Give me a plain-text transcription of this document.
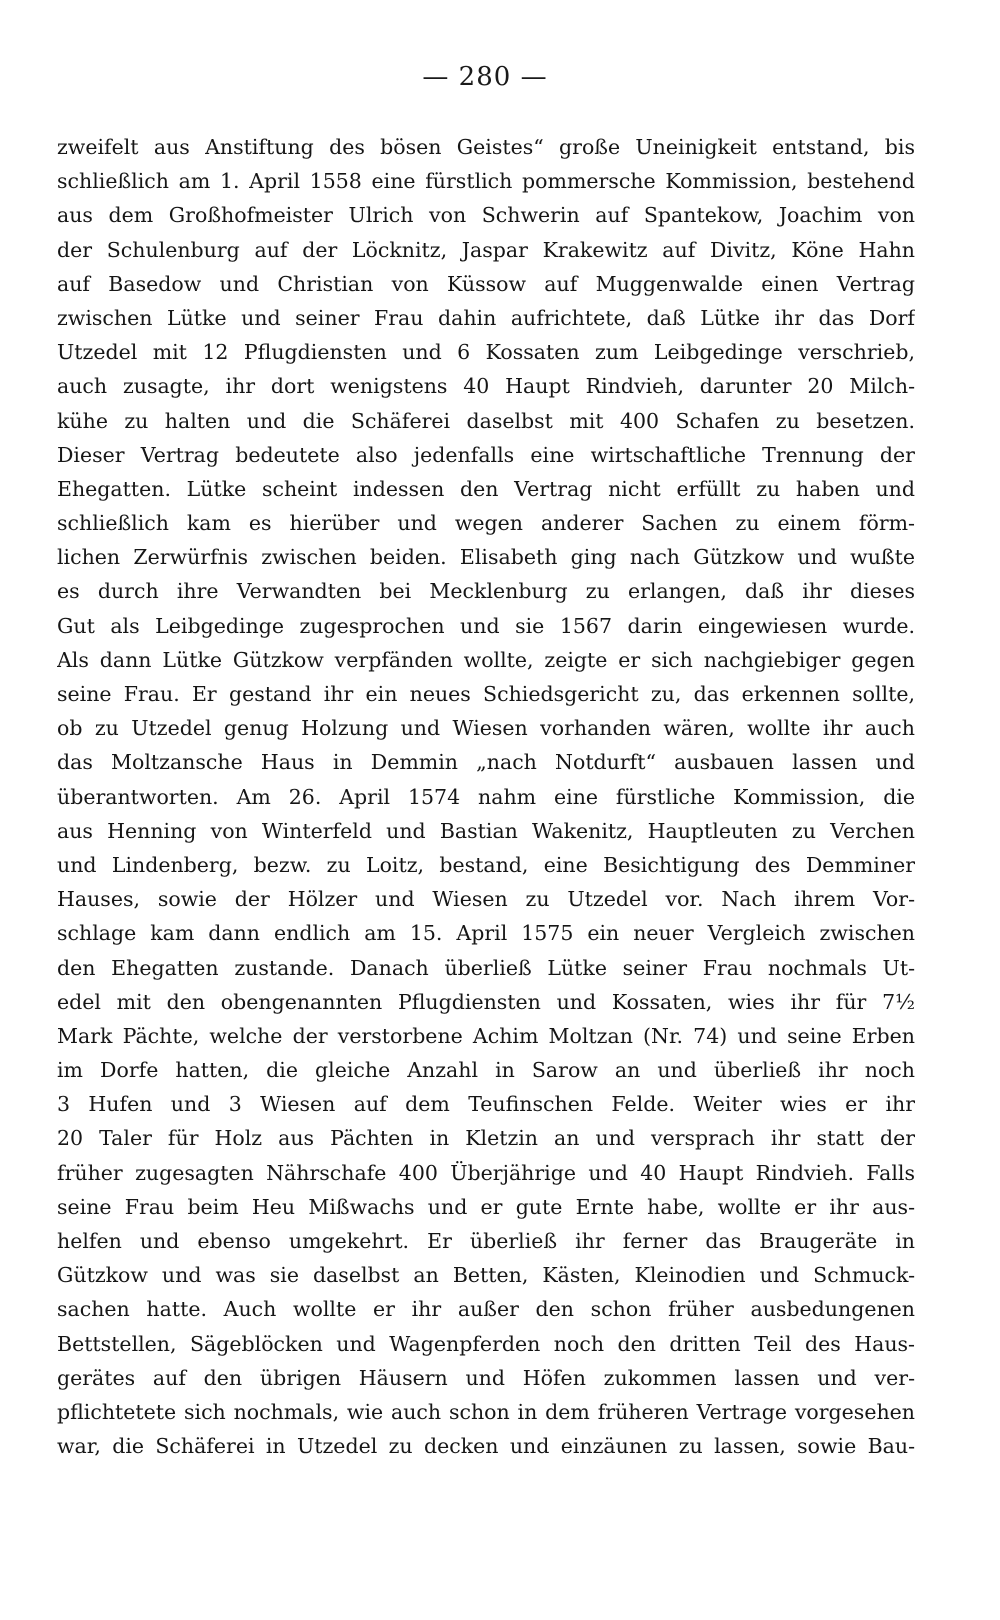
— 280 —
zweifelt aus Anstiftung des bösen Geistes“ große Uneinigkeit entstand, bis
schließlich am 1. April 1558 eine fürstlich pommersche Kommission, bestehend
aus dem Großhofmeister Ulrich von Schwerin auf Spantekow, Joachim von
der Schulenburg auf der Löcknitz, Jaspar Krakewitz auf Divitz, Köne Hahn
auf Basedow und Christian von Küssow auf Muggenwalde einen Vertrag
zwischen Lütke und seiner Frau dahin aufrichtete, daß Lütke ihr das Dorf
Utzedel mit 12 Pflugdiensten und 6 Kossaten zum Leibgedinge verschrieb,
auch zusagte, ihr dort wenigstens 40 Haupt Rindvieh, darunter 20 Milch-
kühe zu halten und die Schäferei daselbst mit 400 Schafen zu besetzen.
Dieser Vertrag bedeutete also jedenfalls eine wirtschaftliche Trennung der
Ehegatten. Lütke scheint indessen den Vertrag nicht erfüllt zu haben und
schließlich kam es hierüber und wegen anderer Sachen zu einem förm-
lichen Zerwürfnis zwischen beiden. Elisabeth ging nach Gützkow und wußte
es durch ihre Verwandten bei Mecklenburg zu erlangen, daß ihr dieses
Gut als Leibgedinge zugesprochen und sie 1567 darin eingewiesen wurde.
Als dann Lütke Gützkow verpfänden wollte, zeigte er sich nachgiebiger gegen
seine Frau. Er gestand ihr ein neues Schiedsgericht zu, das erkennen sollte,
ob zu Utzedel genug Holzung und Wiesen vorhanden wären, wollte ihr auch
das Moltzansche Haus in Demmin „nach Notdurft“ ausbauen lassen und
überantworten. Am 26. April 1574 nahm eine fürstliche Kommission, die
aus Henning von Winterfeld und Bastian Wakenitz, Hauptleuten zu Verchen
und Lindenberg, bezw. zu Loitz, bestand, eine Besichtigung des Demminer
Hauses, sowie der Hölzer und Wiesen zu Utzedel vor. Nach ihrem Vor-
schlage kam dann endlich am 15. April 1575 ein neuer Vergleich zwischen
den Ehegatten zustande. Danach überließ Lütke seiner Frau nochmals Ut-
edel mit den obengenannten Pflugdiensten und Kossaten, wies ihr für 7½
Mark Pächte, welche der verstorbene Achim Moltzan (Nr. 74) und seine Erben
im Dorfe hatten, die gleiche Anzahl in Sarow an und überließ ihr noch
3 Hufen und 3 Wiesen auf dem Teufinschen Felde. Weiter wies er ihr
20 Taler für Holz aus Pächten in Kletzin an und versprach ihr statt der
früher zugesagten Nährschafe 400 Überjährige und 40 Haupt Rindvieh. Falls
seine Frau beim Heu Mißwachs und er gute Ernte habe, wollte er ihr aus-
helfen und ebenso umgekehrt. Er überließ ihr ferner das Braugeräte in
Gützkow und was sie daselbst an Betten, Kästen, Kleinodien und Schmuck-
sachen hatte. Auch wollte er ihr außer den schon früher ausbedungenen
Bettstellen, Sägeblöcken und Wagenpferden noch den dritten Teil des Haus-
gerätes auf den übrigen Häusern und Höfen zukommen lassen und ver-
pflichtetete sich nochmals, wie auch schon in dem früheren Vertrage vorgesehen
war, die Schäferei in Utzedel zu decken und einzäunen zu lassen, sowie Bau-
